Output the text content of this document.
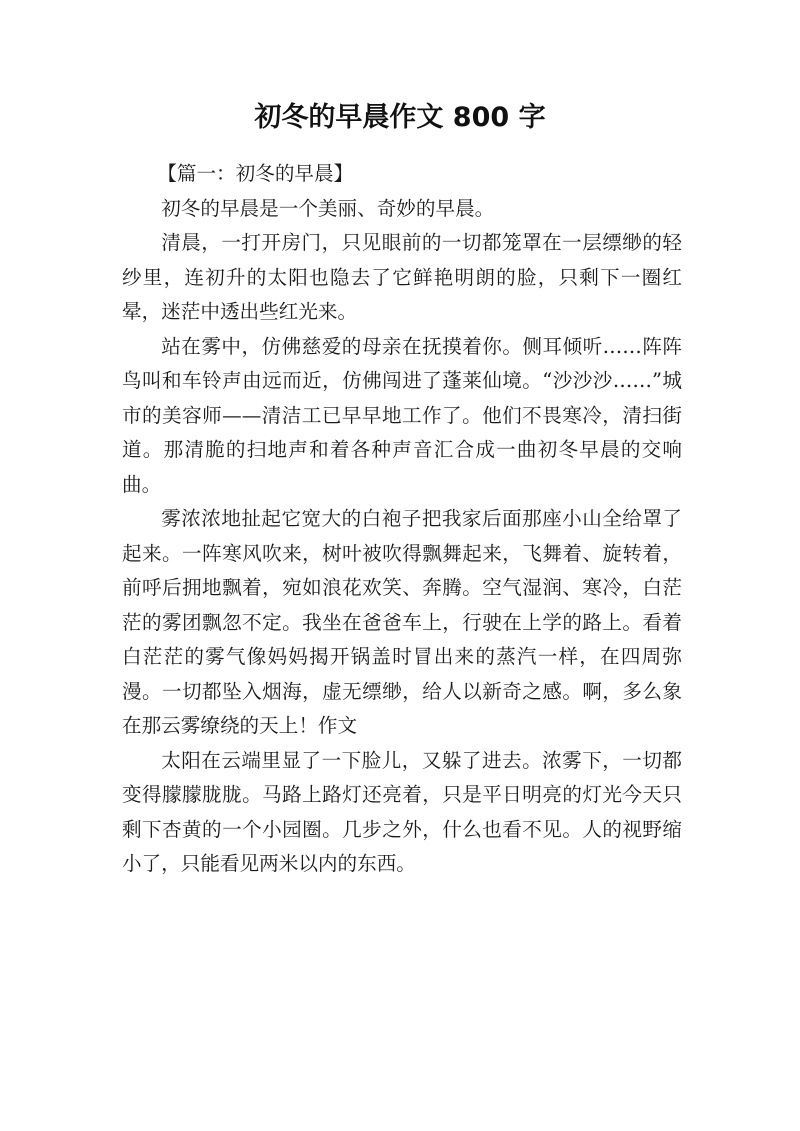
初冬的早晨作文 800 字

【篇一：初冬的早晨】

初冬的早晨是一个美丽、奇妙的早晨。

清晨，一打开房门，只见眼前的一切都笼罩在一层缥缈的轻纱里，连初升的太阳也隐去了它鲜艳明朗的脸，只剩下一圈红晕，迷茫中透出些红光来。

站在雾中，仿佛慈爱的母亲在抚摸着你。侧耳倾听……阵阵鸟叫和车铃声由远而近，仿佛闯进了蓬莱仙境。“沙沙沙……”城市的美容师——清洁工已早早地工作了。他们不畏寒冷，清扫街道。那清脆的扫地声和着各种声音汇合成一曲初冬早晨的交响曲。

雾浓浓地扯起它宽大的白袍子把我家后面那座小山全给罩了起来。一阵寒风吹来，树叶被吹得飘舞起来，飞舞着、旋转着，前呼后拥地飘着，宛如浪花欢笑、奔腾。空气湿润、寒冷，白茫茫的雾团飘忽不定。我坐在爸爸车上，行驶在上学的路上。看着白茫茫的雾气像妈妈揭开锅盖时冒出来的蒸汽一样，在四周弥漫。一切都坠入烟海，虚无缥缈，给人以新奇之感。啊，多么象在那云雾缭绕的天上！作文

太阳在云端里显了一下脸儿，又躲了进去。浓雾下，一切都变得朦朦胧胧。马路上路灯还亮着，只是平日明亮的灯光今天只剩下杏黄的一个小园圈。几步之外，什么也看不见。人的视野缩小了，只能看见两米以内的东西。
